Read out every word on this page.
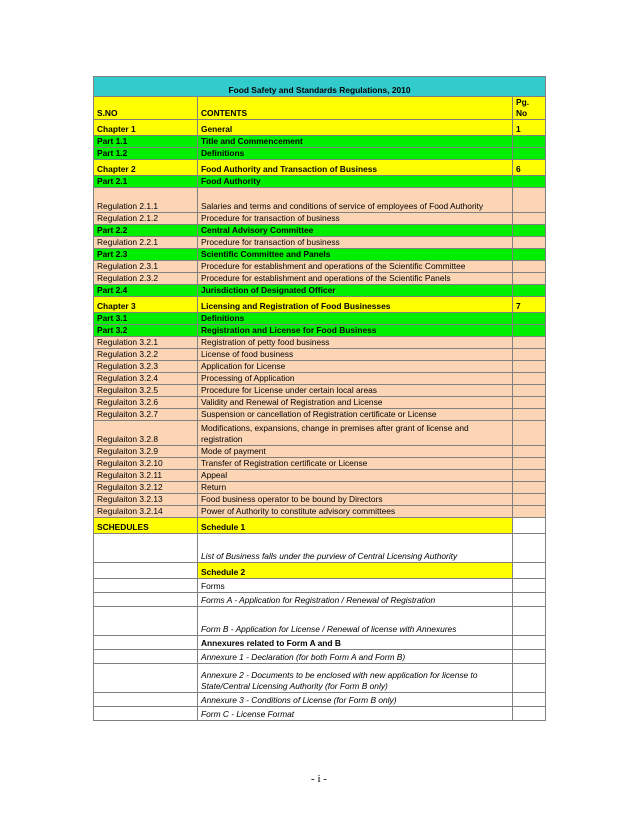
Food Safety and Standards Regulations, 2010		
S.NO	CONTENTS	Pg. No
Chapter 1	General	1
Part 1.1	Title and Commencement	
Part 1.2	Definitions	
Chapter 2	Food Authority and Transaction of Business	6
Part 2.1	Food Authority	
Regulation 2.1.1	Salaries and terms and conditions of service of employees of Food Authority	
Regulation 2.1.2	Procedure for transaction of business	
Part 2.2	Central Advisory Committee	
Regulation 2.2.1	Procedure for transaction of business	
Part 2.3	Scientific Committee and Panels	
Regulation 2.3.1	Procedure for establishment and operations of the Scientific Committee	
Regulation 2.3.2	Procedure for establishment and operations of the Scientific Panels	
Part 2.4	Jurisdiction of Designated Officer	
Chapter 3	Licensing and Registration of Food Businesses	7
Part 3.1	Definitions	
Part 3.2	Registration and License for Food Business	
Regulation 3.2.1	Registration of petty food business	
Regulation 3.2.2	License of food business	
Regulation 3.2.3	Application for License	
Regulation 3.2.4	Processing of Application	
Regulaiton 3.2.5	Procedure for License under certain local areas	
Regulaiton 3.2.6	Validity and Renewal of Registration and License	
Regulaiton 3.2.7	Suspension or cancellation of Registration certificate or License	
Regulaiton 3.2.8	Modifications, expansions, change in premises after grant of license and registration	
Regulaiton 3.2.9	Mode of payment	
Regulaiton 3.2.10	Transfer of Registration certificate or License	
Regulaiton 3.2.11	Appeal	
Regulaiton 3.2.12	Return	
Regulaiton 3.2.13	Food business operator to be bound by Directors	
Regulaiton 3.2.14	Power of Authority to constitute advisory committees	
SCHEDULES	Schedule 1	
	List of Business falls under the purview of Central Licensing Authority	
	Schedule 2	
	Forms	
	Forms A - Application for Registration / Renewal of Registration	
	Form B - Application for License / Renewal of license with Annexures	
	Annexures related to Form A and B	
	Annexure 1 - Declaration (for both Form A and Form B)	
	Annexure 2 - Documents to be enclosed with new application for license to State/Central Licensing Authority (for Form B only)	
	Annexure 3 - Conditions of License (for Form B only)	
	Form C - License Format	
- i -
